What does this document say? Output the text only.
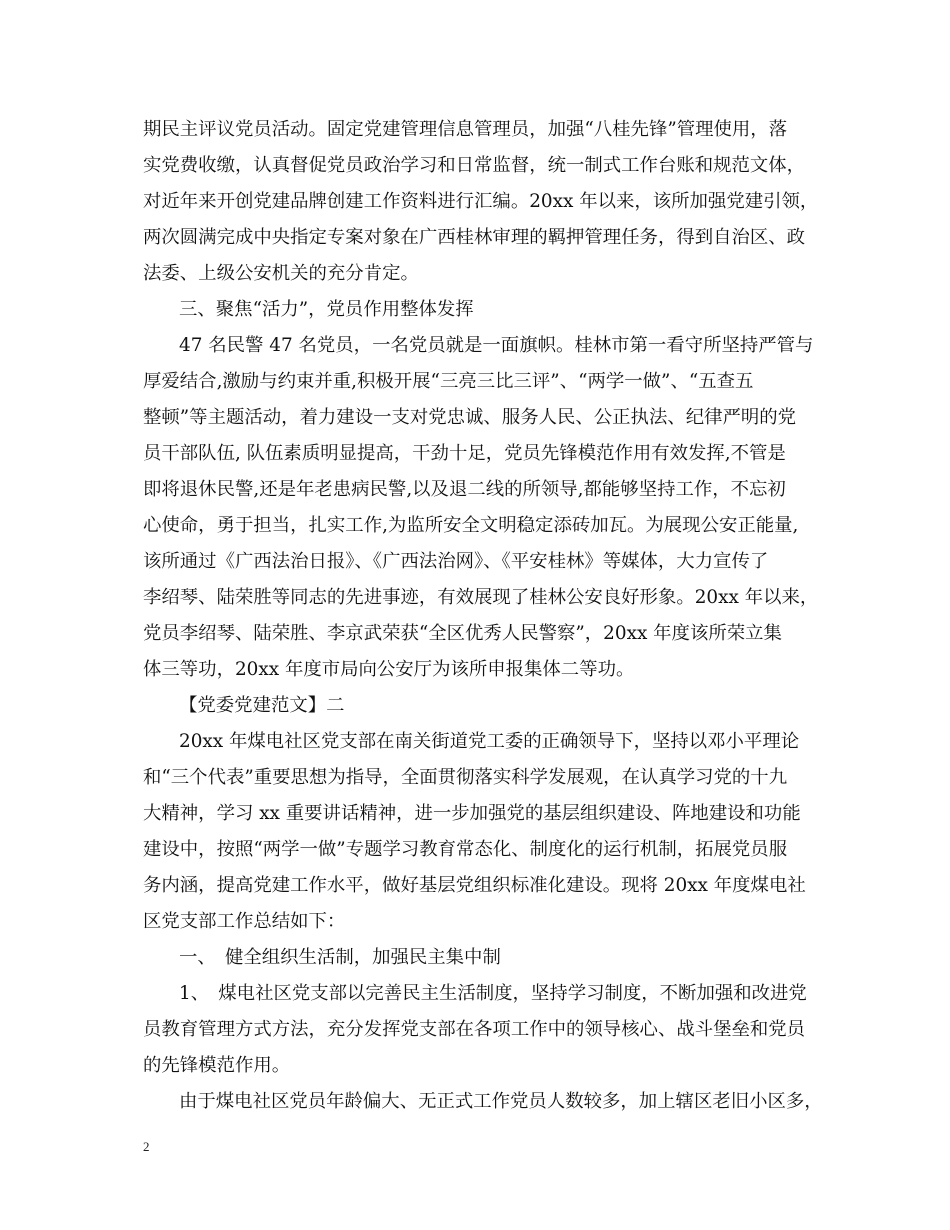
期民主评议党员活动。固定党建管理信息管理员，加强“八桂先锋”管理使用，落
实党费收缴，认真督促党员政治学习和日常监督，统一制式工作台账和规范文体，
对近年来开创党建品牌创建工作资料进行汇编。20xx 年以来，该所加强党建引领，
两次圆满完成中央指定专案对象在广西桂林审理的羁押管理任务，得到自治区、政
法委、上级公安机关的充分肯定。
三、聚焦“活力”，党员作用整体发挥
47 名民警 47 名党员，一名党员就是一面旗帜。桂林市第一看守所坚持严管与
厚爱结合,激励与约束并重,积极开展“三亮三比三评”、“两学一做”、“五查五
整顿”等主题活动，着力建设一支对党忠诚、服务人民、公正执法、纪律严明的党
员干部队伍, 队伍素质明显提高，干劲十足，党员先锋模范作用有效发挥,不管是
即将退休民警,还是年老患病民警,以及退二线的所领导,都能够坚持工作，不忘初
心使命，勇于担当，扎实工作,为监所安全文明稳定添砖加瓦。为展现公安正能量,
该所通过《广西法治日报》、《广西法治网》、《平安桂林》等媒体，大力宣传了
李绍琴、陆荣胜等同志的先进事迹，有效展现了桂林公安良好形象。20xx 年以来，
党员李绍琴、陆荣胜、李京武荣获“全区优秀人民警察”，20xx 年度该所荣立集
体三等功，20xx 年度市局向公安厅为该所申报集体二等功。
【党委党建范文】二
20xx 年煤电社区党支部在南关街道党工委的正确领导下，坚持以邓小平理论
和“三个代表”重要思想为指导，全面贯彻落实科学发展观，在认真学习党的十九
大精神，学习 xx 重要讲话精神，进一步加强党的基层组织建设、阵地建设和功能
建设中，按照“两学一做”专题学习教育常态化、制度化的运行机制，拓展党员服
务内涵，提高党建工作水平，做好基层党组织标准化建设。现将 20xx 年度煤电社
区党支部工作总结如下：
一、　健全组织生活制，加强民主集中制
1、　煤电社区党支部以完善民主生活制度，坚持学习制度，不断加强和改进党
员教育管理方式方法，充分发挥党支部在各项工作中的领导核心、战斗堡垒和党员
的先锋模范作用。
由于煤电社区党员年龄偏大、无正式工作党员人数较多，加上辖区老旧小区多，
2
